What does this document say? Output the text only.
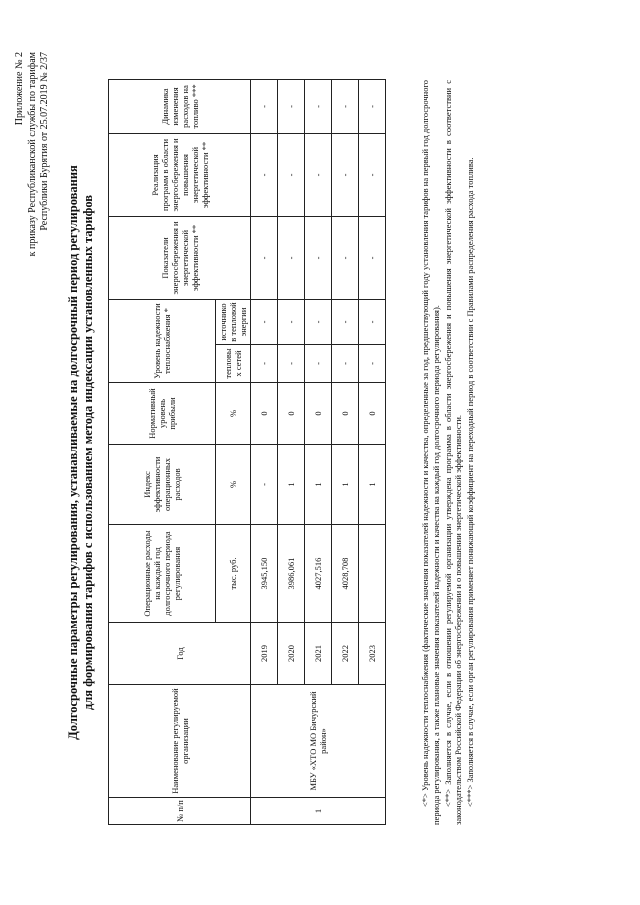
Приложение № 2 к приказу Республиканской службы по тарифам Республики Бурятия от 25.07.2019 № 2/37
Долгосрочные параметры регулирования, устанавливаемые на долгосрочный период регулирования для формирования тарифов с использованием метода индексации установленных тарифов
№ п/п	Наименование регулируемой организации	Год	Операционные расходы на каждый год долгосрочного периода регулирования	Индекс эффективности операционных расходов	Нормативный уровень прибыли	Уровень надежности теплоснабжения *		Показатели энергосбережения и энергетической эффективности **	Реализация программ в области энергосбережения и повышения энергетической эффективности **	Динамика изменения расходов на топливо ***
			тыс. руб.	%	%	тепловых сетей	источников тепловой энергии			
1	МБУ «ХТО МО Бичурский район»	2019	3945,150	-	0	-	-	-	-	-
		2020	3986,061	1	0	-	-	-	-	-
		2021	4027,516	1	0	-	-	-	-	-
		2022	4028,708	1	0	-	-	-	-	-
		2023		1	0	-	-	-	-	-	<*> Уровень надежности теплоснабжения (фактические значения показателей надежности и качества, определенные за год, предшествующий году установления тарифов на первый год долгосрочного периода регулирования, а также плановые значения показателей надежности и качества на каждый год долгосрочного периода регулирования). <**> Заполняется в случае, если в отношении регулируемой организации утверждена программа в области энергосбережения и повышения энергетической эффективности в соответствии с законодательством Российской Федерации об энергосбережении и о повышении энергетической эффективности. <***> Заполняется в случае, если орган регулирования применяет понижающий коэффициент на переходный период в соответствии с Правилами распределения расхода топлива.
